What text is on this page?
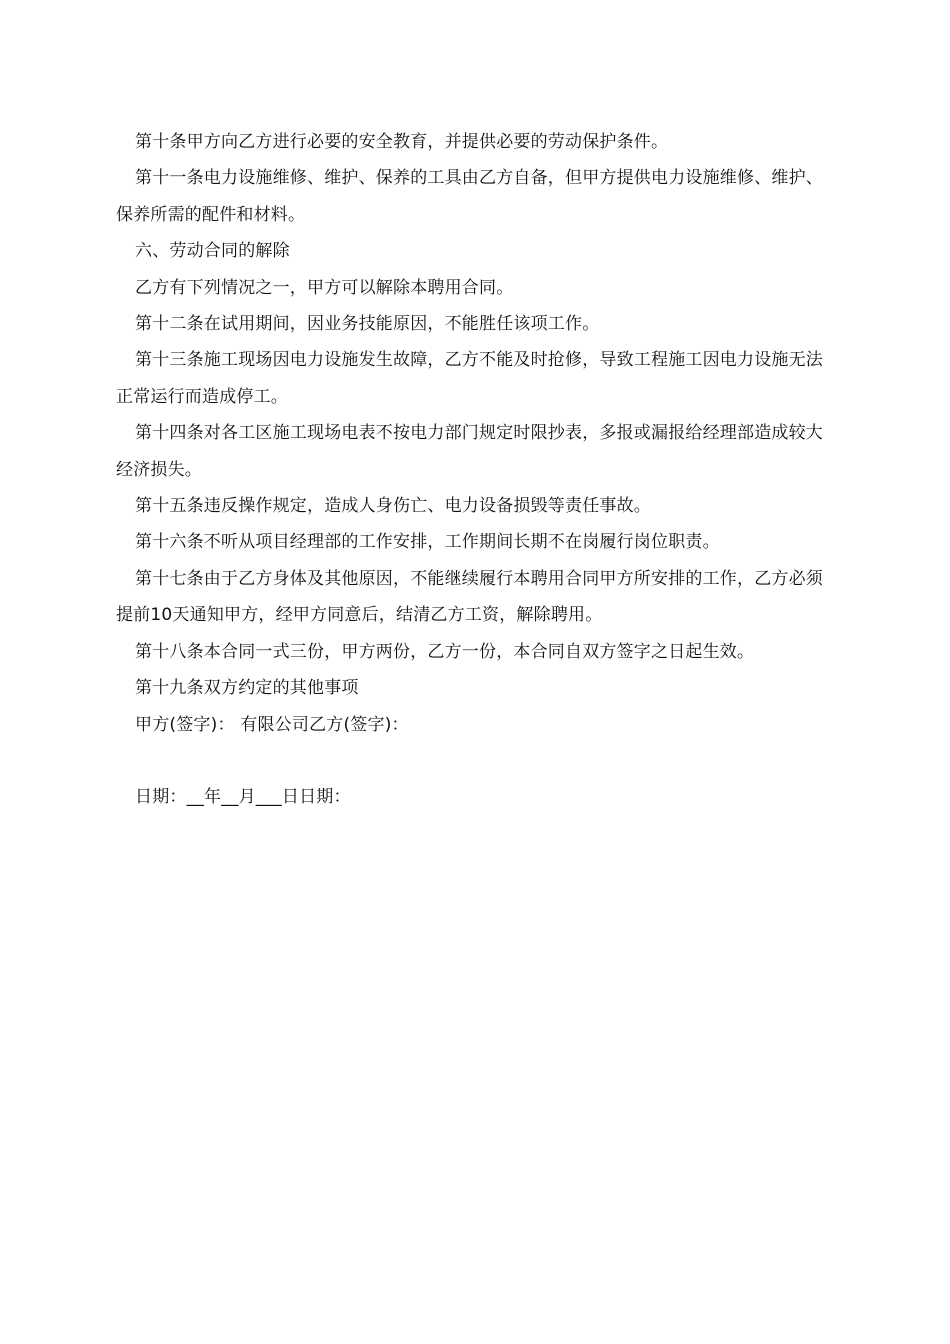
第十条甲方向乙方进行必要的安全教育，并提供必要的劳动保护条件。

第十一条电力设施维修、维护、保养的工具由乙方自备，但甲方提供电力设施维修、维护、保养所需的配件和材料。

六、劳动合同的解除

乙方有下列情况之一，甲方可以解除本聘用合同。

第十二条在试用期间，因业务技能原因，不能胜任该项工作。

第十三条施工现场因电力设施发生故障，乙方不能及时抢修，导致工程施工因电力设施无法正常运行而造成停工。

第十四条对各工区施工现场电表不按电力部门规定时限抄表，多报或漏报给经理部造成较大经济损失。

第十五条违反操作规定，造成人身伤亡、电力设备损毁等责任事故。

第十六条不听从项目经理部的工作安排，工作期间长期不在岗履行岗位职责。

第十七条由于乙方身体及其他原因，不能继续履行本聘用合同甲方所安排的工作，乙方必须提前10天通知甲方，经甲方同意后，结清乙方工资，解除聘用。

第十八条本合同一式三份，甲方两份，乙方一份，本合同自双方签字之日起生效。

第十九条双方约定的其他事项

甲方(签字)： 有限公司乙方(签字)：

日期：__年__月___日日期：
